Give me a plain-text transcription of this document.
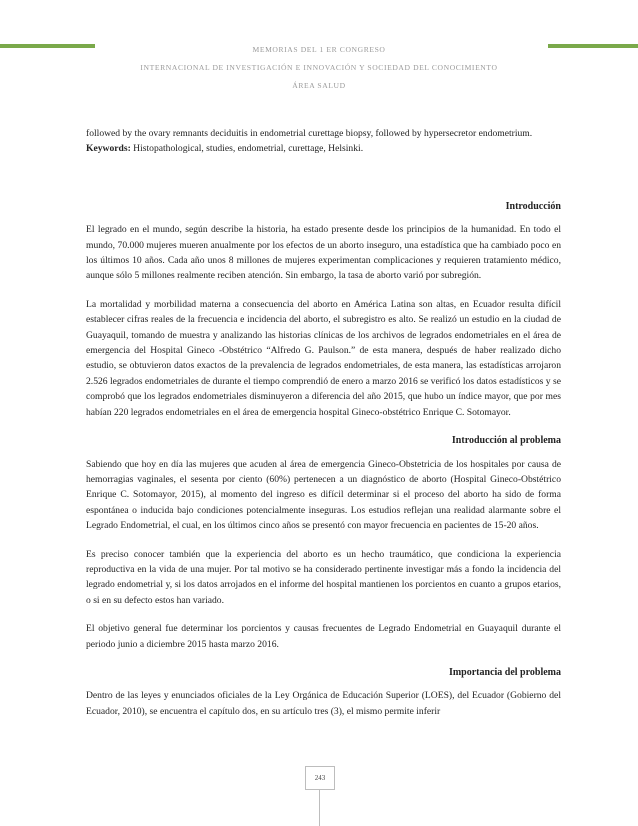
MEMORIAS DEL 1 ER CONGRESO
INTERNACIONAL DE INVESTIGACIÓN E INNOVACIÓN Y SOCIEDAD DEL CONOCIMIENTO
ÁREA SALUD

followed by the ovary remnants deciduitis in endometrial curettage biopsy, followed by hypersecretor endometrium.

Keywords: Histopathological, studies, endometrial, curettage, Helsinki.

Introducción

El legrado en el mundo, según describe la historia, ha estado presente desde los principios de la humanidad. En todo el mundo, 70.000 mujeres mueren anualmente por los efectos de un aborto inseguro, una estadística que ha cambiado poco en los últimos 10 años. Cada año unos 8 millones de mujeres experimentan complicaciones y requieren tratamiento médico, aunque sólo 5 millones realmente reciben atención. Sin embargo, la tasa de aborto varió por subregión.

La mortalidad y morbilidad materna a consecuencia del aborto en América Latina son altas, en Ecuador resulta difícil establecer cifras reales de la frecuencia e incidencia del aborto, el subregistro es alto. Se realizó un estudio en la ciudad de Guayaquil, tomando de muestra y analizando las historias clínicas de los archivos de legrados endometriales en el área de emergencia del Hospital Gineco -Obstétrico “Alfredo G. Paulson.” de esta manera, después de haber realizado dicho estudio, se obtuvieron datos exactos de la prevalencia de legrados endometriales, de esta manera, las estadísticas arrojaron 2.526 legrados endometriales de durante el tiempo comprendió de enero a marzo 2016 se verificó los datos estadísticos y se comprobó que los legrados endometriales disminuyeron a diferencia del año 2015, que hubo un índice mayor, que por mes habían 220 legrados endometriales en el área de emergencia hospital Gineco-obstétrico Enrique C. Sotomayor.

Introducción al problema

Sabiendo que hoy en día las mujeres que acuden al área de emergencia Gineco-Obstetricia de los hospitales por causa de hemorragias vaginales, el sesenta por ciento (60%) pertenecen a un diagnóstico de aborto (Hospital Gineco-Obstétrico Enrique C. Sotomayor, 2015), al momento del ingreso es difícil determinar si el proceso del aborto ha sido de forma espontánea o inducida bajo condiciones potencialmente inseguras. Los estudios reflejan una realidad alarmante sobre el Legrado Endometrial, el cual, en los últimos cinco años se presentó con mayor frecuencia en pacientes de 15-20 años.

Es preciso conocer también que la experiencia del aborto es un hecho traumático, que condiciona la experiencia reproductiva en la vida de una mujer. Por tal motivo se ha considerado pertinente investigar más a fondo la incidencia del legrado endometrial y, si los datos arrojados en el informe del hospital mantienen los porcientos en cuanto a grupos etarios, o si en su defecto estos han variado.

El objetivo general fue determinar los porcientos y causas frecuentes de Legrado Endometrial en Guayaquil durante el periodo junio a diciembre 2015 hasta marzo 2016.

Importancia del problema

Dentro de las leyes y enunciados oficiales de la Ley Orgánica de Educación Superior (LOES), del Ecuador (Gobierno del Ecuador, 2010), se encuentra el capítulo dos, en su artículo tres (3), el mismo permite inferir

243
